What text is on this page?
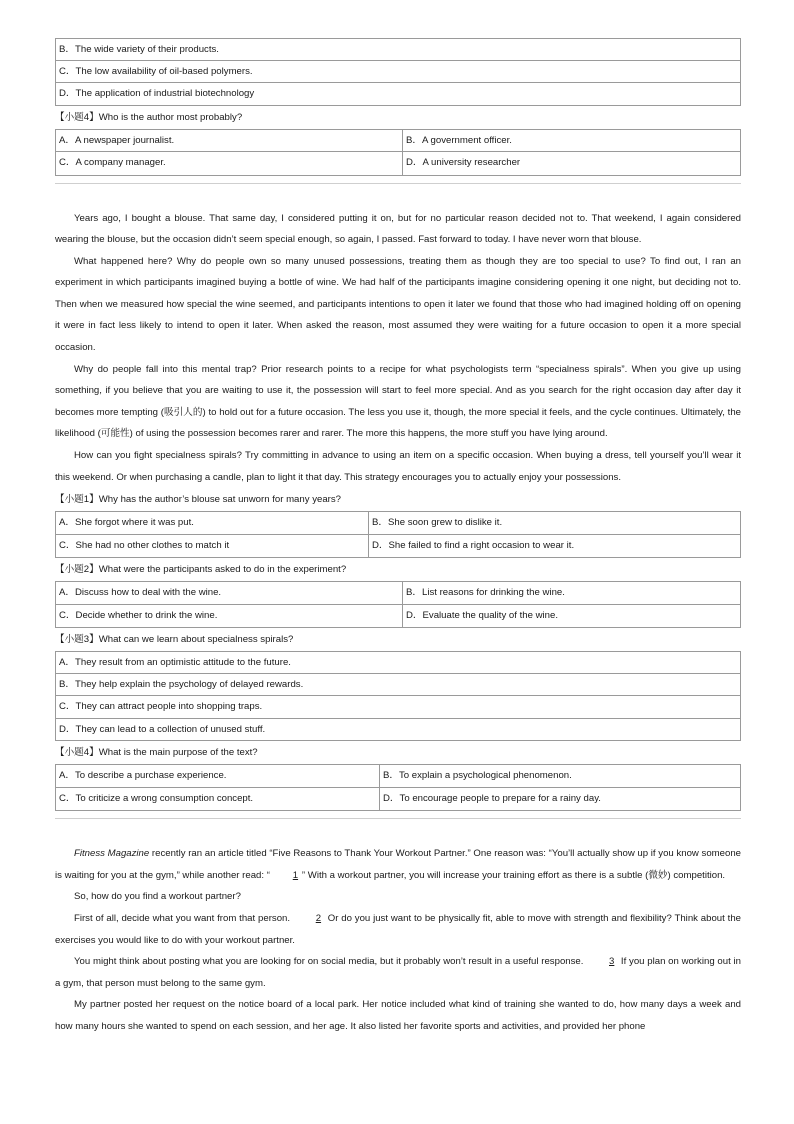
B．The wide variety of their products.
C．The low availability of oil-based polymers.
D．The application of industrial biotechnology
【小题4】Who is the author most probably?
A．A newspaper journalist.	B．A government officer.
C．A company manager.	D．A university researcher

Years ago, I bought a blouse. That same day, I considered putting it on, but for no particular reason decided not to. That weekend, I again considered wearing the blouse, but the occasion didn’t seem special enough, so again, I passed. Fast forward to today. I have never worn that blouse.

What happened here? Why do people own so many unused possessions, treating them as though they are too special to use? To find out, I ran an experiment in which participants imagined buying a bottle of wine. We had half of the participants imagine considering opening it one night, but deciding not to. Then when we measured how special the wine seemed, and participants intentions to open it later we found that those who had imagined holding off on opening it were in fact less likely to intend to open it later. When asked the reason, most assumed they were waiting for a future occasion to open it a more special occasion.

Why do people fall into this mental trap? Prior research points to a recipe for what psychologists term “specialness spirals”. When you give up using something, if you believe that you are waiting to use it, the possession will start to feel more special. And as you search for the right occasion day after day it becomes more tempting (吸引人的) to hold out for a future occasion. The less you use it, though, the more special it feels, and the cycle continues. Ultimately, the likelihood (可能性) of using the possession becomes rarer and rarer. The more this happens, the more stuff you have lying around.

How can you fight specialness spirals? Try committing in advance to using an item on a specific occasion. When buying a dress, tell yourself you’ll wear it this weekend. Or when purchasing a candle, plan to light it that day. This strategy encourages you to actually enjoy your possessions.

【小题1】Why has the author’s blouse sat unworn for many years?
A．She forgot where it was put.	B．She soon grew to dislike it.
C．She had no other clothes to match it	D．She failed to find a right occasion to wear it.
【小题2】What were the participants asked to do in the experiment?
A．Discuss how to deal with the wine.	B．List reasons for drinking the wine.
C．Decide whether to drink the wine.	D．Evaluate the quality of the wine.
【小题3】What can we learn about specialness spirals?
A．They result from an optimistic attitude to the future.
B．They help explain the psychology of delayed rewards.
C．They can attract people into shopping traps.
D．They can lead to a collection of unused stuff.
【小题4】What is the main purpose of the text?
A．To describe a purchase experience.	B．To explain a psychological phenomenon.
C．To criticize a wrong consumption concept.	D．To encourage people to prepare for a rainy day.

Fitness Magazine recently ran an article titled “Five Reasons to Thank Your Workout Partner.” One reason was: “You’ll actually show up if you know someone is waiting for you at the gym,” while another read: “ 1 ” With a workout partner, you will increase your training effort as there is a subtle (微妙) competition.

So, how do you find a workout partner?

First of all, decide what you want from that person. 2 Or do you just want to be physically fit, able to move with strength and flexibility? Think about the exercises you would like to do with your workout partner.

You might think about posting what you are looking for on social media, but it probably won’t result in a useful response. 3 If you plan on working out in a gym, that person must belong to the same gym.

My partner posted her request on the notice board of a local park. Her notice included what kind of training she wanted to do, how many days a week and how many hours she wanted to spend on each session, and her age. It also listed her favorite sports and activities, and provided her phone
